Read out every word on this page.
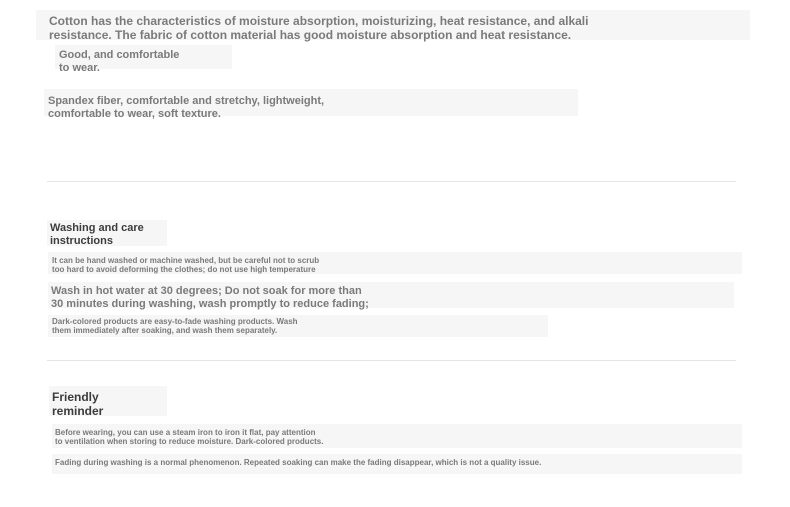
Cotton has the characteristics of moisture absorption, moisturizing, heat resistance, and alkali
resistance. The fabric of cotton material has good moisture absorption and heat resistance.
Good, and comfortable
to wear.
Spandex fiber, comfortable and stretchy, lightweight,
comfortable to wear, soft texture.
Washing and care
instructions
It can be hand washed or machine washed, but be careful not to scrub
too hard to avoid deforming the clothes; do not use high temperature
Wash in hot water at 30 degrees; Do not soak for more than
30 minutes during washing, wash promptly to reduce fading;
Dark-colored products are easy-to-fade washing products. Wash
them immediately after soaking, and wash them separately.
Friendly
reminder
Before wearing, you can use a steam iron to iron it flat, pay attention
to ventilation when storing to reduce moisture. Dark-colored products.
Fading during washing is a normal phenomenon. Repeated soaking can make the fading disappear, which is not a quality issue.
